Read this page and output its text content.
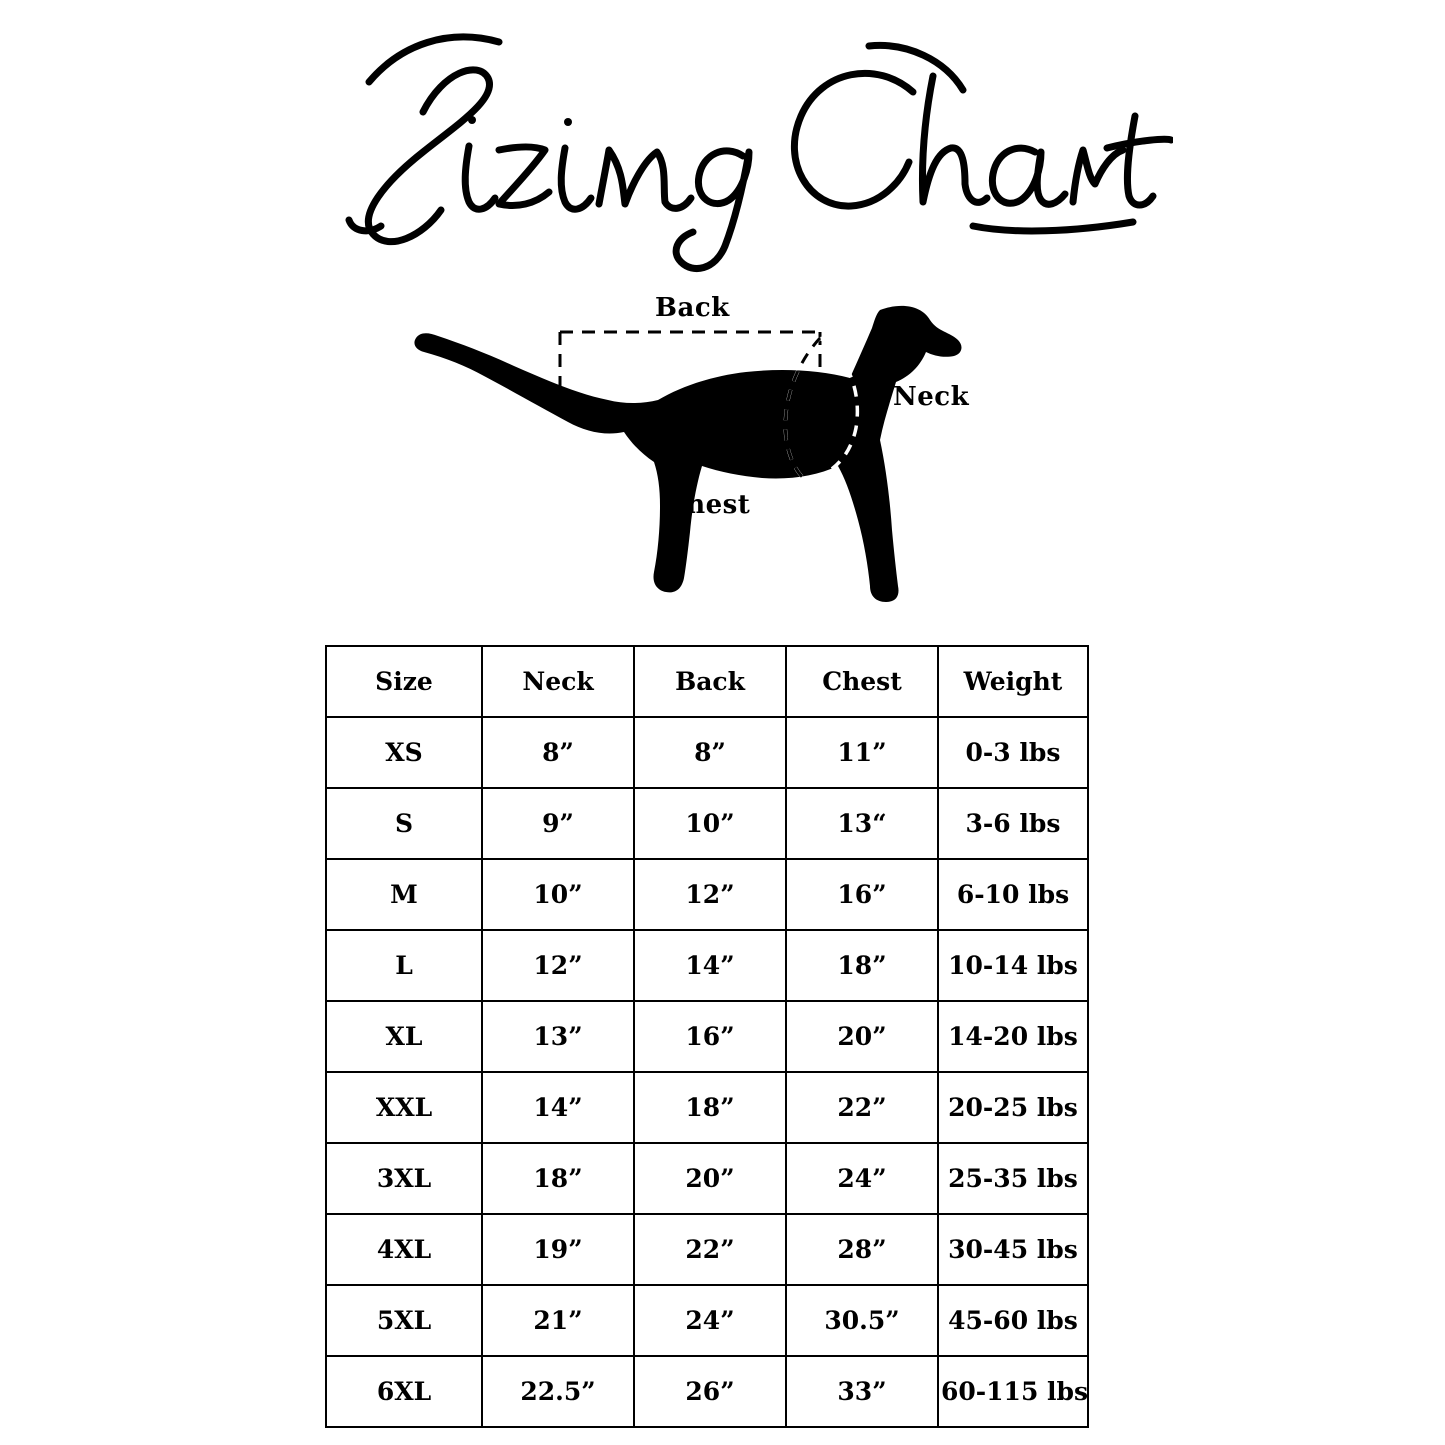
Back
Neck
Chest
Size	Neck	Back	Chest	Weight
XS	8”	8”	11”	0-3 lbs
S	9”	10”	13“	3-6 lbs
M	10”	12”	16”	6-10 lbs
L	12”	14”	18”	10-14 lbs
XL	13”	16”	20”	14-20 lbs
XXL	14”	18”	22”	20-25 lbs
3XL	18”	20”	24”	25-35 lbs
4XL	19”	22”	28”	30-45 lbs
5XL	21”	24”	30.5”	45-60 lbs
6XL	22.5”	26”	33”	60-115 lbs
